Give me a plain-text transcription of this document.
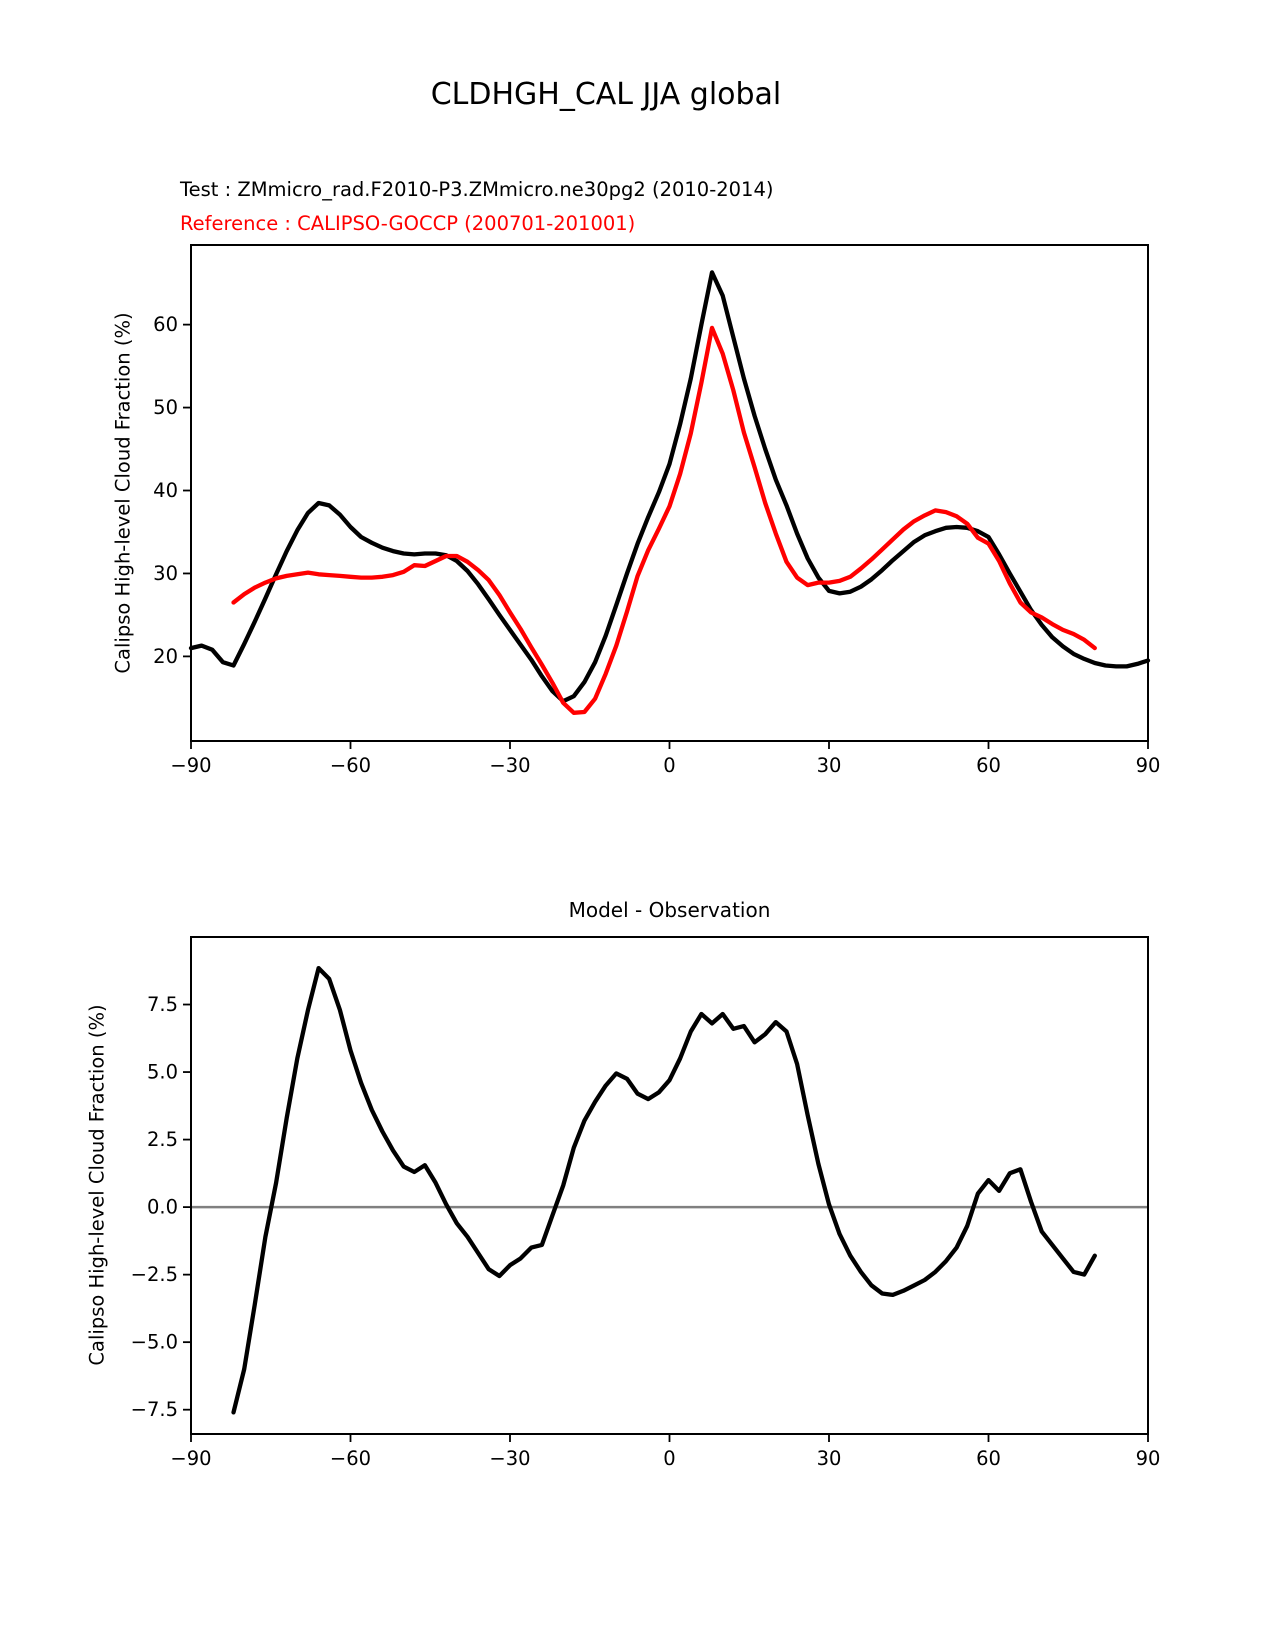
−90	−60	−30	0	30	60	90
20
30
40
50
60
−90	−60	−30	0	30	60	90
7.5
5.0
2.5
0.0
−2.5
−5.0
−7.5
CLDHGH_CAL JJA global
Test : ZMmicro_rad.F2010-P3.ZMmicro.ne30pg2 (2010-2014)
Reference : CALIPSO-GOCCP (200701-201001)
Calipso High-level Cloud Fraction (%)
Calipso High-level Cloud Fraction (%)
Model - Observation
